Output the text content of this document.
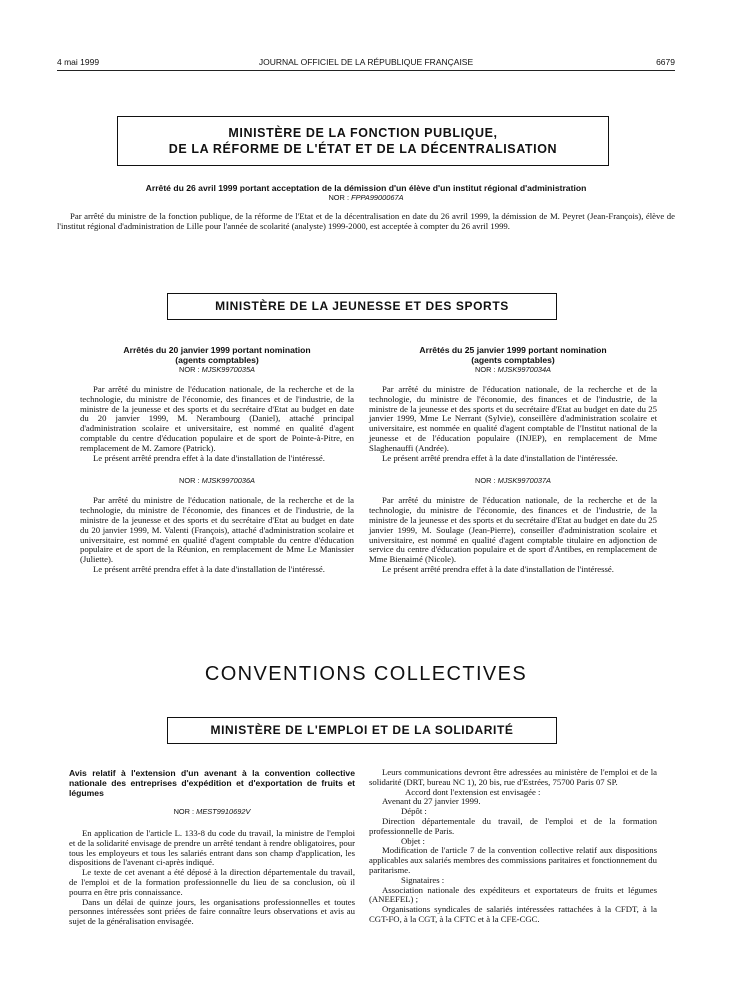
4 mai 1999	JOURNAL OFFICIEL DE LA RÉPUBLIQUE FRANÇAISE	6679
MINISTÈRE DE LA FONCTION PUBLIQUE,
DE LA RÉFORME DE L'ÉTAT ET DE LA DÉCENTRALISATION
Arrêté du 26 avril 1999 portant acceptation de la démission d'un élève d'un institut régional d'administration
NOR : FPPA9900067A

Par arrêté du ministre de la fonction publique, de la réforme de l'Etat et de la décentralisation en date du 26 avril 1999, la démission de M. Peyret (Jean-François), élève de l'institut régional d'administration de Lille pour l'année de scolarité (analyste) 1999-2000, est acceptée à compter du 26 avril 1999.

MINISTÈRE DE LA JEUNESSE ET DES SPORTS
Arrêtés du 20 janvier 1999 portant nomination
(agents comptables)
NOR : MJSK9970035A

Par arrêté du ministre de l'éducation nationale, de la recherche et de la technologie, du ministre de l'économie, des finances et de l'industrie, de la ministre de la jeunesse et des sports et du secrétaire d'Etat au budget en date du 20 janvier 1999, M. Nerambourg (Daniel), attaché principal d'administration scolaire et universitaire, est nommé en qualité d'agent comptable du centre d'éducation populaire et de sport de Pointe-à-Pitre, en remplacement de M. Zamore (Patrick).

Le présent arrêté prendra effet à la date d'installation de l'intéressé.

NOR : MJSK9970036A

Par arrêté du ministre de l'éducation nationale, de la recherche et de la technologie, du ministre de l'économie, des finances et de l'industrie, de la ministre de la jeunesse et des sports et du secrétaire d'Etat au budget en date du 20 janvier 1999, M. Valenti (François), attaché d'administration scolaire et universitaire, est nommé en qualité d'agent comptable du centre d'éducation populaire et de sport de la Réunion, en remplacement de Mme Le Manissier (Juliette).

Le présent arrêté prendra effet à la date d'installation de l'intéressé.

Arrêtés du 25 janvier 1999 portant nomination
(agents comptables)
NOR : MJSK9970034A

Par arrêté du ministre de l'éducation nationale, de la recherche et de la technologie, du ministre de l'économie, des finances et de l'industrie, de la ministre de la jeunesse et des sports et du secrétaire d'Etat au budget en date du 25 janvier 1999, Mme Le Nerrant (Sylvie), conseillère d'administration scolaire et universitaire, est nommée en qualité d'agent comptable de l'Institut national de la jeunesse et de l'éducation populaire (INJEP), en remplacement de Mme Slaghenauffi (Andrée).

Le présent arrêté prendra effet à la date d'installation de l'intéressée.

NOR : MJSK9970037A

Par arrêté du ministre de l'éducation nationale, de la recherche et de la technologie, du ministre de l'économie, des finances et de l'industrie, de la ministre de la jeunesse et des sports et du secrétaire d'Etat au budget en date du 25 janvier 1999, M. Soulage (Jean-Pierre), conseiller d'administration scolaire et universitaire, est nommé en qualité d'agent comptable titulaire en adjonction de service du centre d'éducation populaire et de sport d'Antibes, en remplacement de Mme Bienaimé (Nicole).

Le présent arrêté prendra effet à la date d'installation de l'intéressé.

CONVENTIONS COLLECTIVES
MINISTÈRE DE L'EMPLOI ET DE LA SOLIDARITÉ
Avis relatif à l'extension d'un avenant à la convention collective nationale des entreprises d'expédition et d'exportation de fruits et légumes
NOR : MEST9910692V

En application de l'article L. 133-8 du code du travail, la ministre de l'emploi et de la solidarité envisage de prendre un arrêté tendant à rendre obligatoires, pour tous les employeurs et tous les salariés entrant dans son champ d'application, les dispositions de l'avenant ci-après indiqué.

Le texte de cet avenant a été déposé à la direction départementale du travail, de l'emploi et de la formation professionnelle du lieu de sa conclusion, où il pourra en être pris connaissance.

Dans un délai de quinze jours, les organisations professionnelles et toutes personnes intéressées sont priées de faire connaître leurs observations et avis au sujet de la généralisation envisagée.

Leurs communications devront être adressées au ministère de l'emploi et de la solidarité (DRT, bureau NC 1), 20 bis, rue d'Estrées, 75700 Paris 07 SP.

Accord dont l'extension est envisagée :

Avenant du 27 janvier 1999.

Dépôt :

Direction départementale du travail, de l'emploi et de la formation professionnelle de Paris.

Objet :

Modification de l'article 7 de la convention collective relatif aux dispositions applicables aux salariés membres des commissions paritaires et fonctionnement du paritarisme.

Signataires :

Association nationale des expéditeurs et exportateurs de fruits et légumes (ANEEFEL) ;

Organisations syndicales de salariés intéressées rattachées à la CFDT, à la CGT-FO, à la CGT, à la CFTC et à la CFE-CGC.
